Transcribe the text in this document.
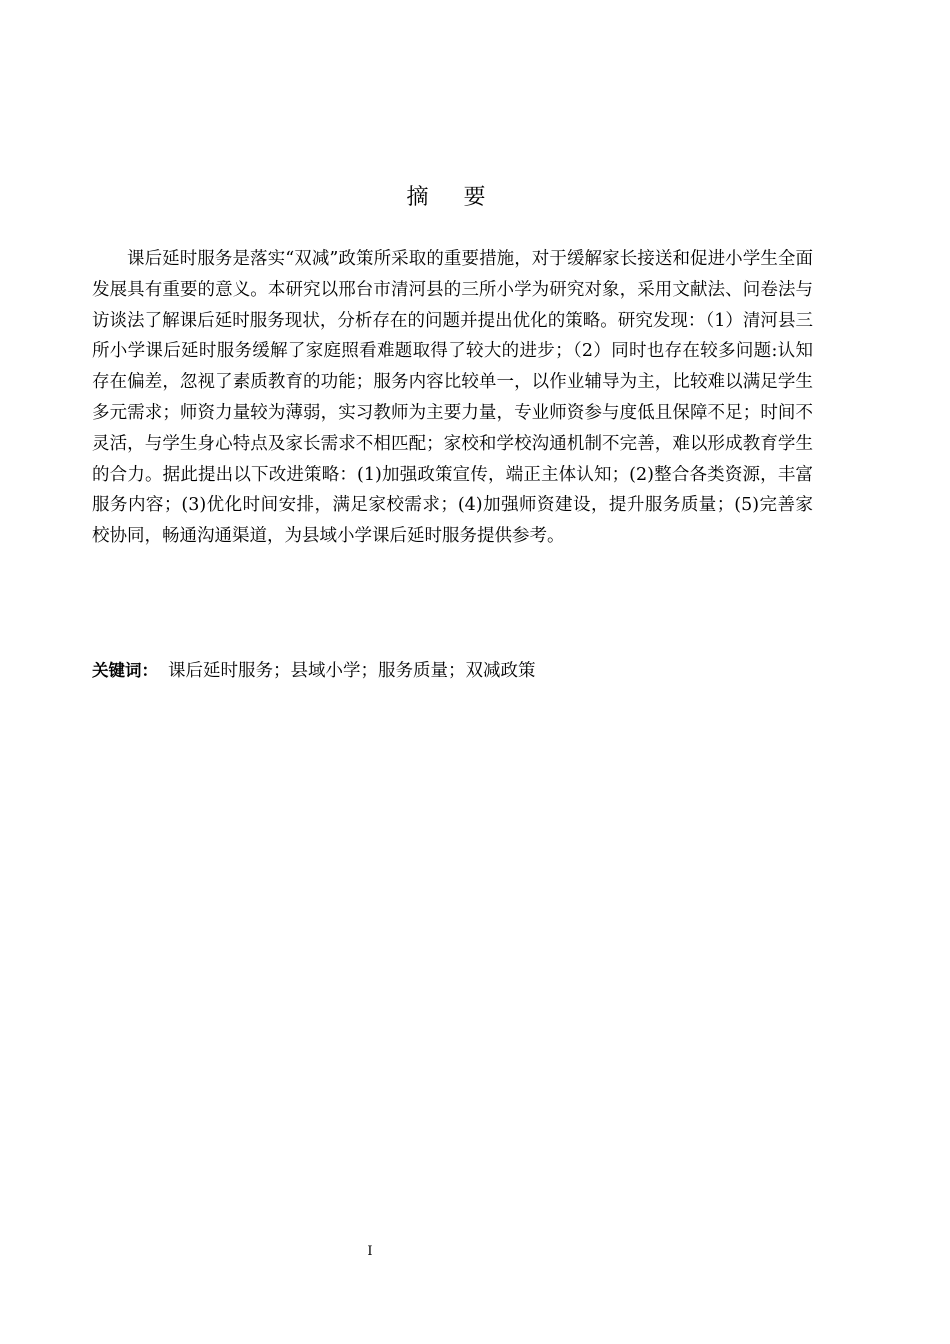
摘 要

课后延时服务是落实“双减”政策所采取的重要措施，对于缓解家长接送和促进小学生全面发展具有重要的意义。本研究以邢台市清河县的三所小学为研究对象，采用文献法、问卷法与访谈法了解课后延时服务现状，分析存在的问题并提出优化的策略。研究发现：（1）清河县三所小学课后延时服务缓解了家庭照看难题取得了较大的进步；（2）同时也存在较多问题:认知存在偏差，忽视了素质教育的功能；服务内容比较单一，以作业辅导为主，比较难以满足学生多元需求；师资力量较为薄弱，实习教师为主要力量，专业师资参与度低且保障不足；时间不灵活，与学生身心特点及家长需求不相匹配；家校和学校沟通机制不完善，难以形成教育学生的合力。据此提出以下改进策略：(1)加强政策宣传，端正主体认知；(2)整合各类资源，丰富服务内容；(3)优化时间安排，满足家校需求；(4)加强师资建设，提升服务质量；(5)完善家校协同，畅通沟通渠道，为县域小学课后延时服务提供参考。

关键词： 课后延时服务；县域小学；服务质量；双减政策
I
